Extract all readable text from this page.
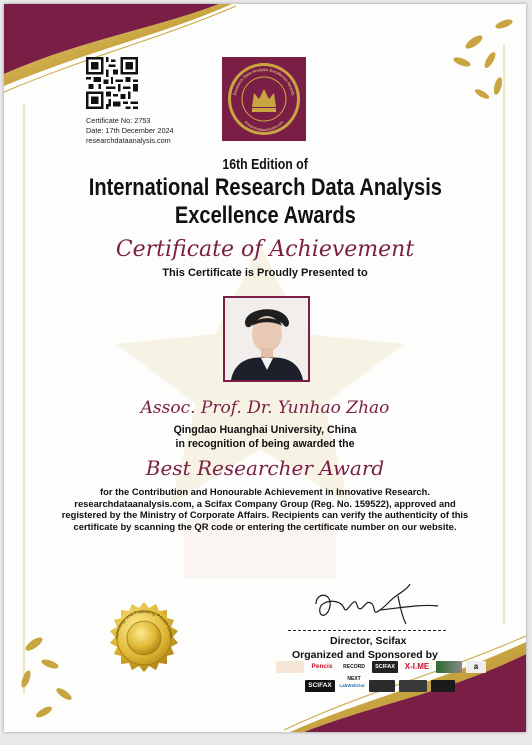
Certificate No: 2753
Date: 17th December 2024
researchdataanalysis.com
Research Data Analysis Excellence Awards
researchdataanalysis.com
16th Edition of
International Research Data Analysis
Excellence Awards
Certificate of Achievement
This Certificate is Proudly Presented to
Assoc. Prof. Dr. Yunhao Zhao
Qingdao Huanghai University, China
in recognition of being awarded the
Best Researcher Award
for the Contribution and Honourable Achievement in Innovative Research. researchdataanalysis.com, a Scifax Company Group (Reg. No. 159522), approved and registered by the Ministry of Corporate Affairs. Recipients can verify the authenticity of this certificate by scanning the QR code or entering the certificate number on our website.
Director, Scifax
Organized and Sponsored by
Pencis	RECORD NEXT
SCIFAX	X-I.ME	a
SCIFAX	LabWebOut
echnology and Publishing Private Limite
